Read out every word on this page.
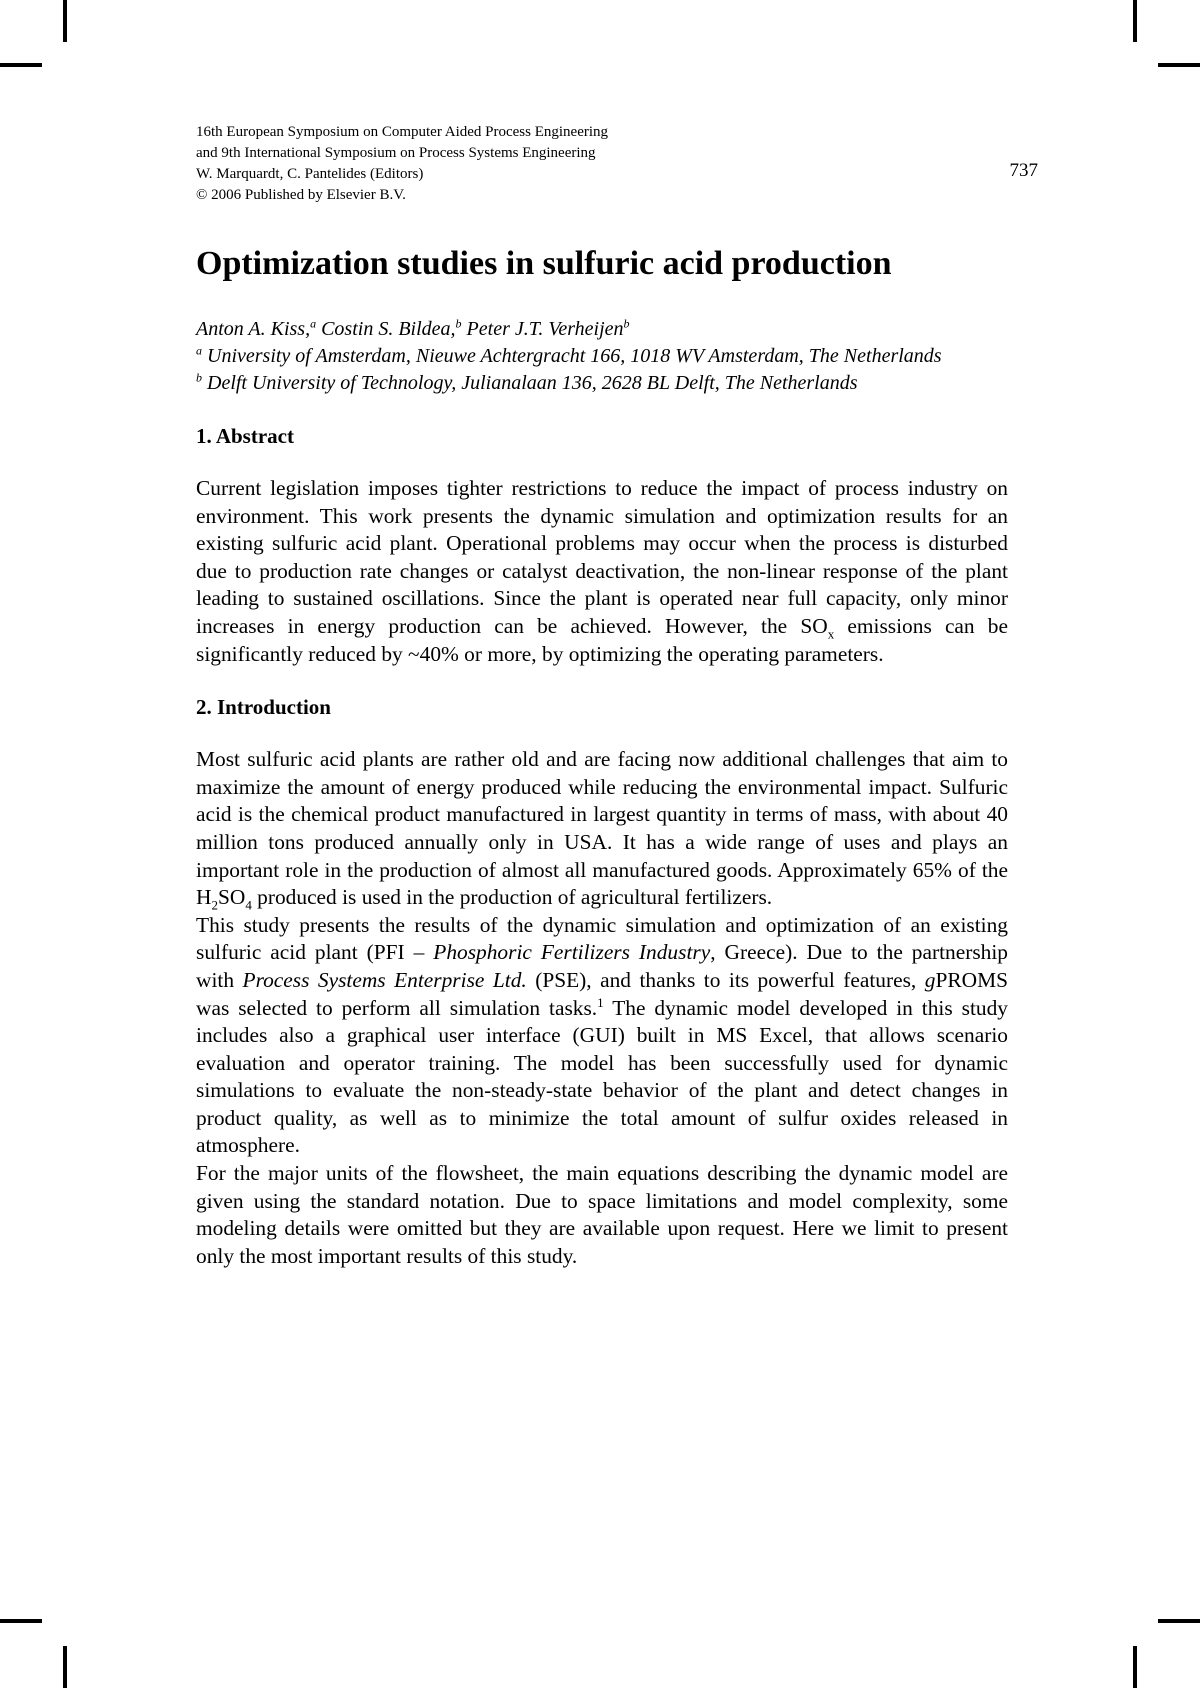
16th European Symposium on Computer Aided Process Engineering
and 9th International Symposium on Process Systems Engineering
W. Marquardt, C. Pantelides (Editors)
© 2006 Published by Elsevier B.V.
737
Optimization studies in sulfuric acid production
Anton A. Kiss,$^a$ Costin S. Bildea,$^b$ Peter J.T. Verheijen$^b$
$^a$ University of Amsterdam, Nieuwe Achtergracht 166, 1018 WV Amsterdam, The Netherlands
$^b$ Delft University of Technology, Julianalaan 136, 2628 BL Delft, The Netherlands
1. Abstract

Current legislation imposes tighter restrictions to reduce the impact of process industry on environment. This work presents the dynamic simulation and optimization results for an existing sulfuric acid plant. Operational problems may occur when the process is disturbed due to production rate changes or catalyst deactivation, the non-linear response of the plant leading to sustained oscillations. Since the plant is operated near full capacity, only minor increases in energy production can be achieved. However, the $SO_x$ emissions can be significantly reduced by ~40% or more, by optimizing the operating parameters.

2. Introduction

Most sulfuric acid plants are rather old and are facing now additional challenges that aim to maximize the amount of energy produced while reducing the environmental impact. Sulfuric acid is the chemical product manufactured in largest quantity in terms of mass, with about 40 million tons produced annually only in USA. It has a wide range of uses and plays an important role in the production of almost all manufactured goods. Approximately 65% of the $H_2SO_4$ produced is used in the production of agricultural fertilizers.

This study presents the results of the dynamic simulation and optimization of an existing sulfuric acid plant (PFI – Phosphoric Fertilizers Industry, Greece). Due to the partnership with Process Systems Enterprise Ltd. (PSE), and thanks to its powerful features, gPROMS was selected to perform all simulation tasks.$^1$ The dynamic model developed in this study includes also a graphical user interface (GUI) built in MS Excel, that allows scenario evaluation and operator training. The model has been successfully used for dynamic simulations to evaluate the non-steady-state behavior of the plant and detect changes in product quality, as well as to minimize the total amount of sulfur oxides released in atmosphere.

For the major units of the flowsheet, the main equations describing the dynamic model are given using the standard notation. Due to space limitations and model complexity, some modeling details were omitted but they are available upon request. Here we limit to present only the most important results of this study.
